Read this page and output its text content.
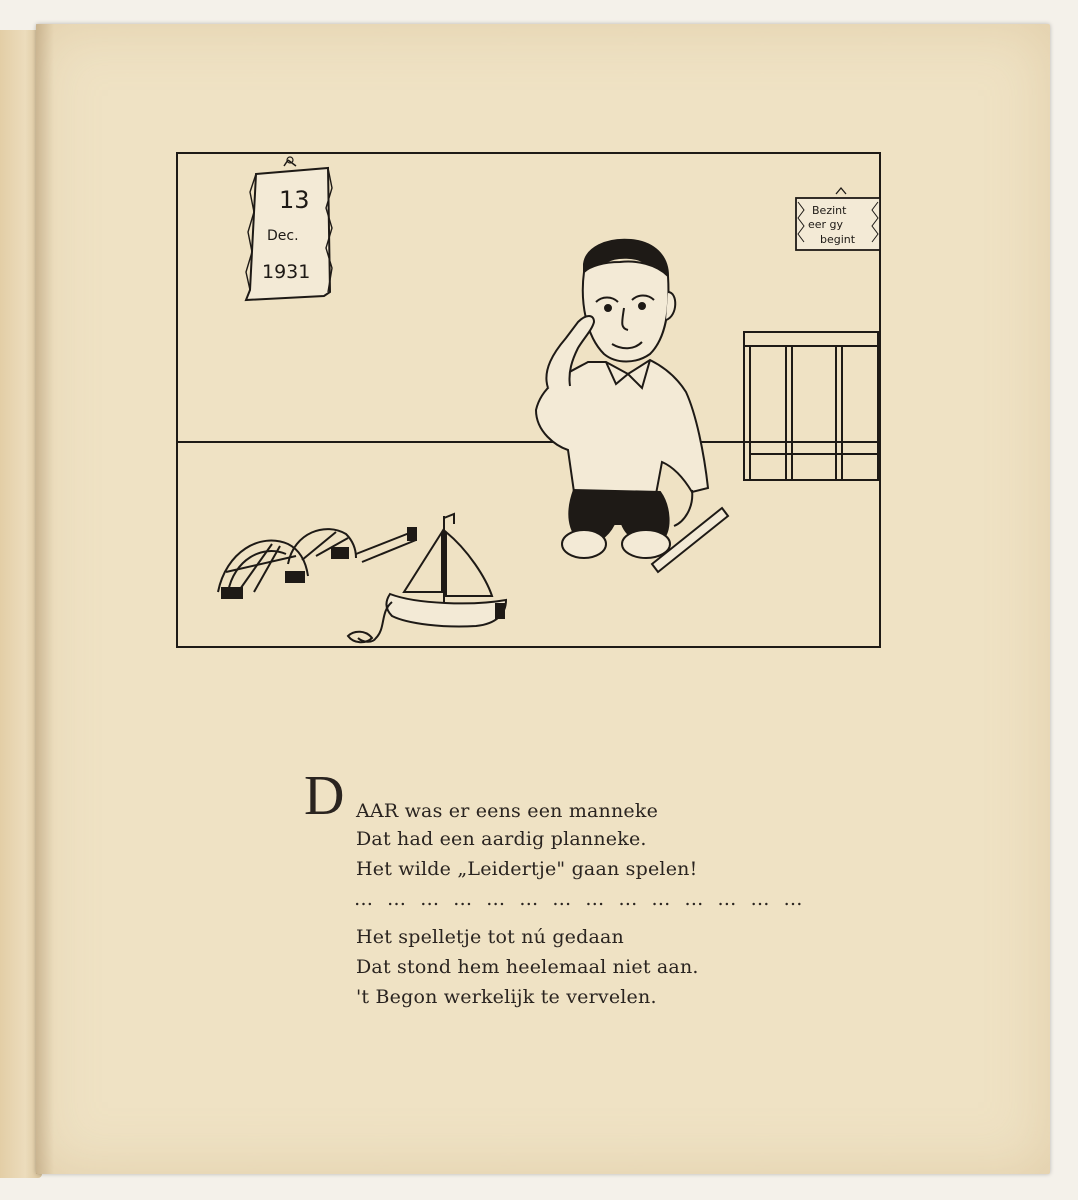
13
Dec.
1931
Bezint
eer gy
begint
D AAR was er eens een manneke
Dat had een aardig planneke.
Het wilde „Leidertje" gaan spelen!
… … … … … … … … … … … … … …
Het spelletje tot nú gedaan
Dat stond hem heelemaal niet aan.
't Begon werkelijk te vervelen.
